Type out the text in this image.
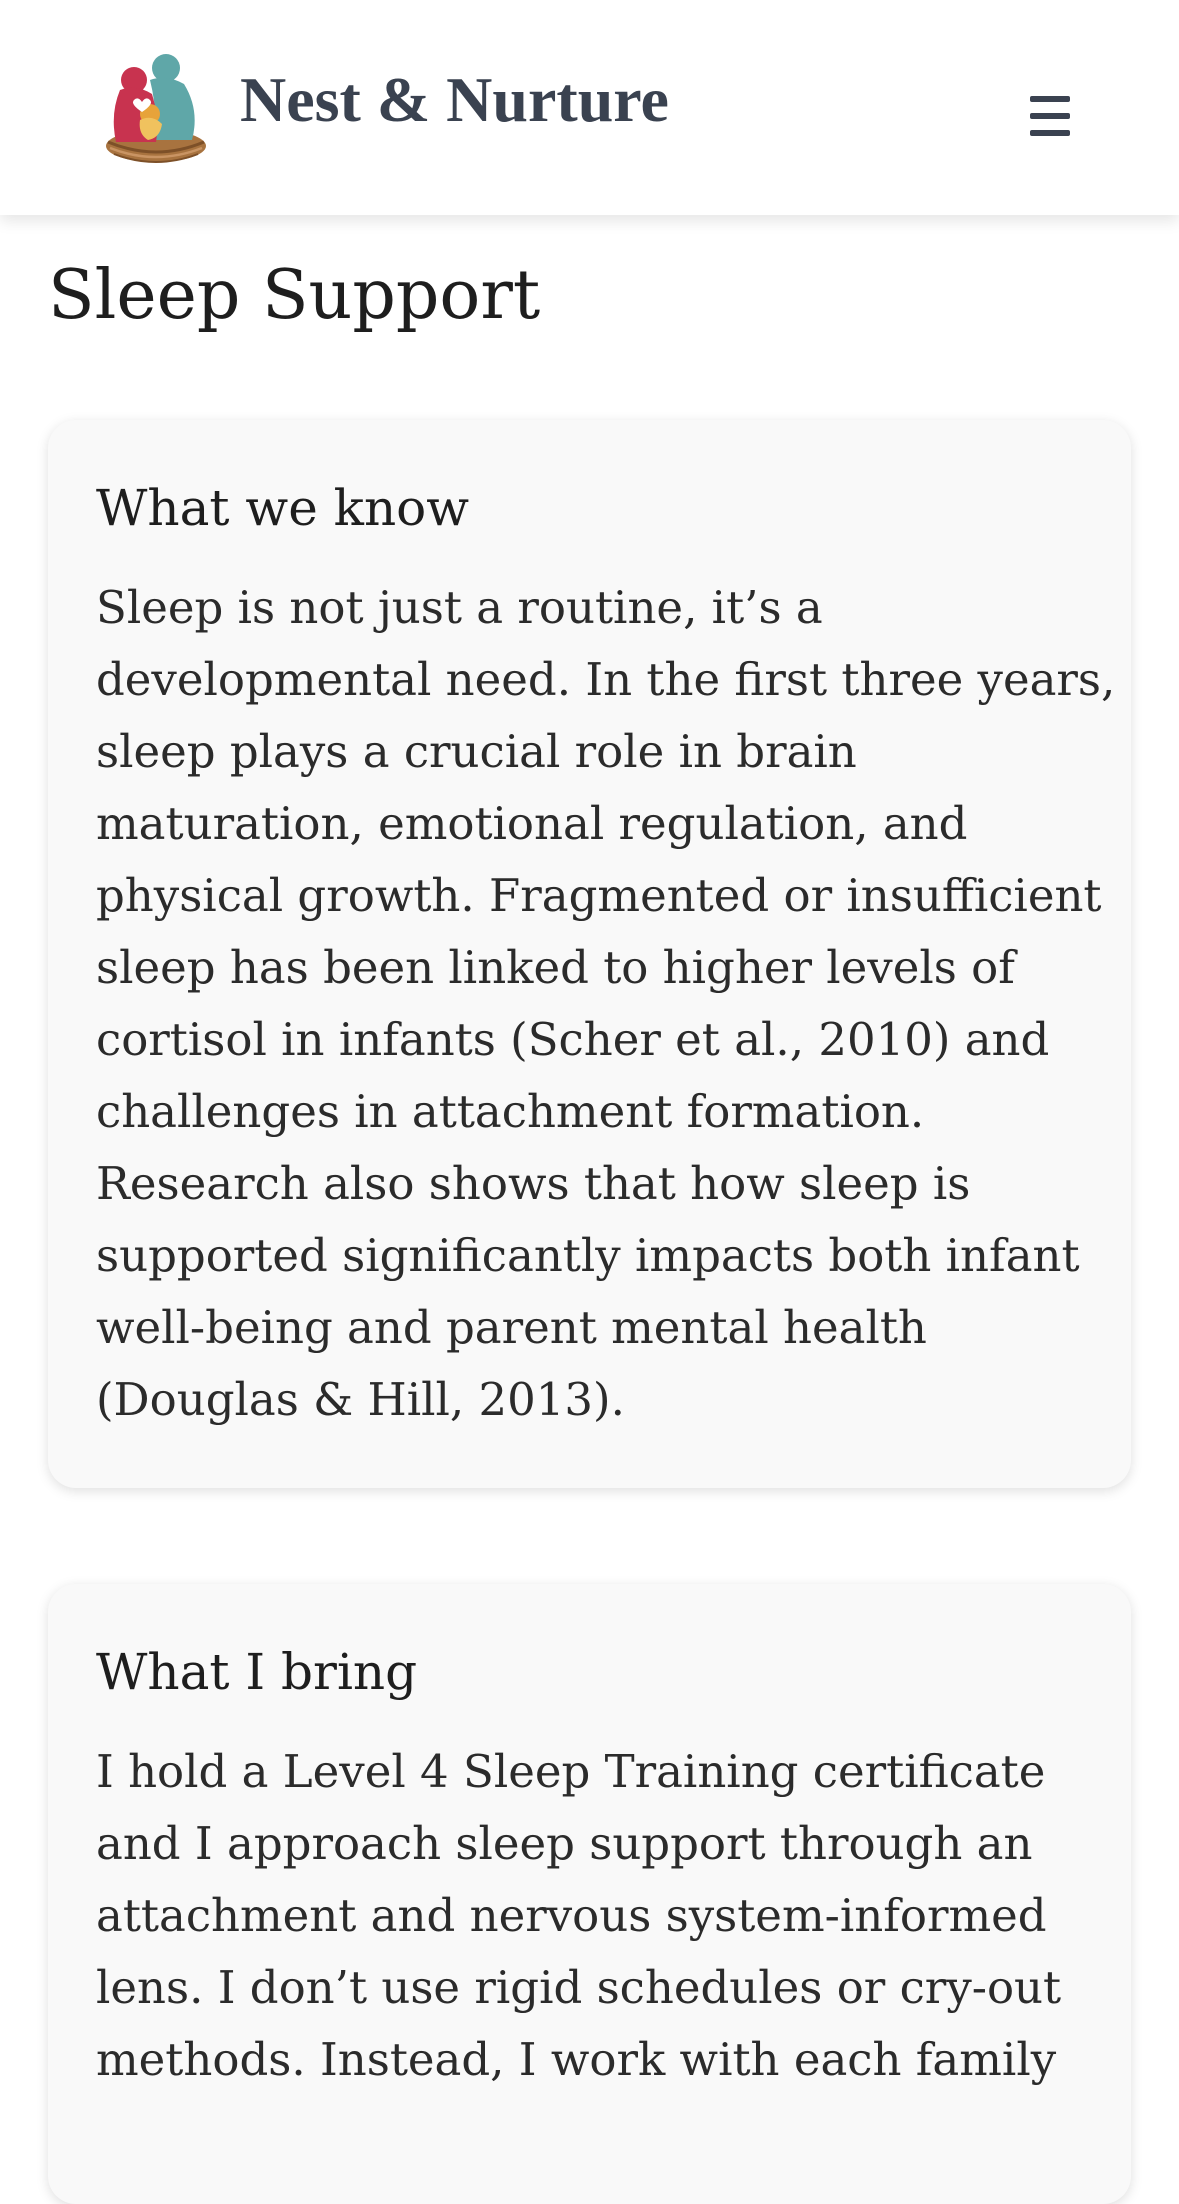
Nest & Nurture
Sleep Support
What we know

Sleep is not just a routine, it’s a
developmental need. In the first three years,
sleep plays a crucial role in brain
maturation, emotional regulation, and
physical growth. Fragmented or insufficient
sleep has been linked to higher levels of
cortisol in infants (Scher et al., 2010) and
challenges in attachment formation.
Research also shows that how sleep is
supported significantly impacts both infant
well-being and parent mental health
(Douglas & Hill, 2013).

What I bring

I hold a Level 4 Sleep Training certificate
and I approach sleep support through an
attachment and nervous system-informed
lens. I don’t use rigid schedules or cry-out
methods. Instead, I work with each family
